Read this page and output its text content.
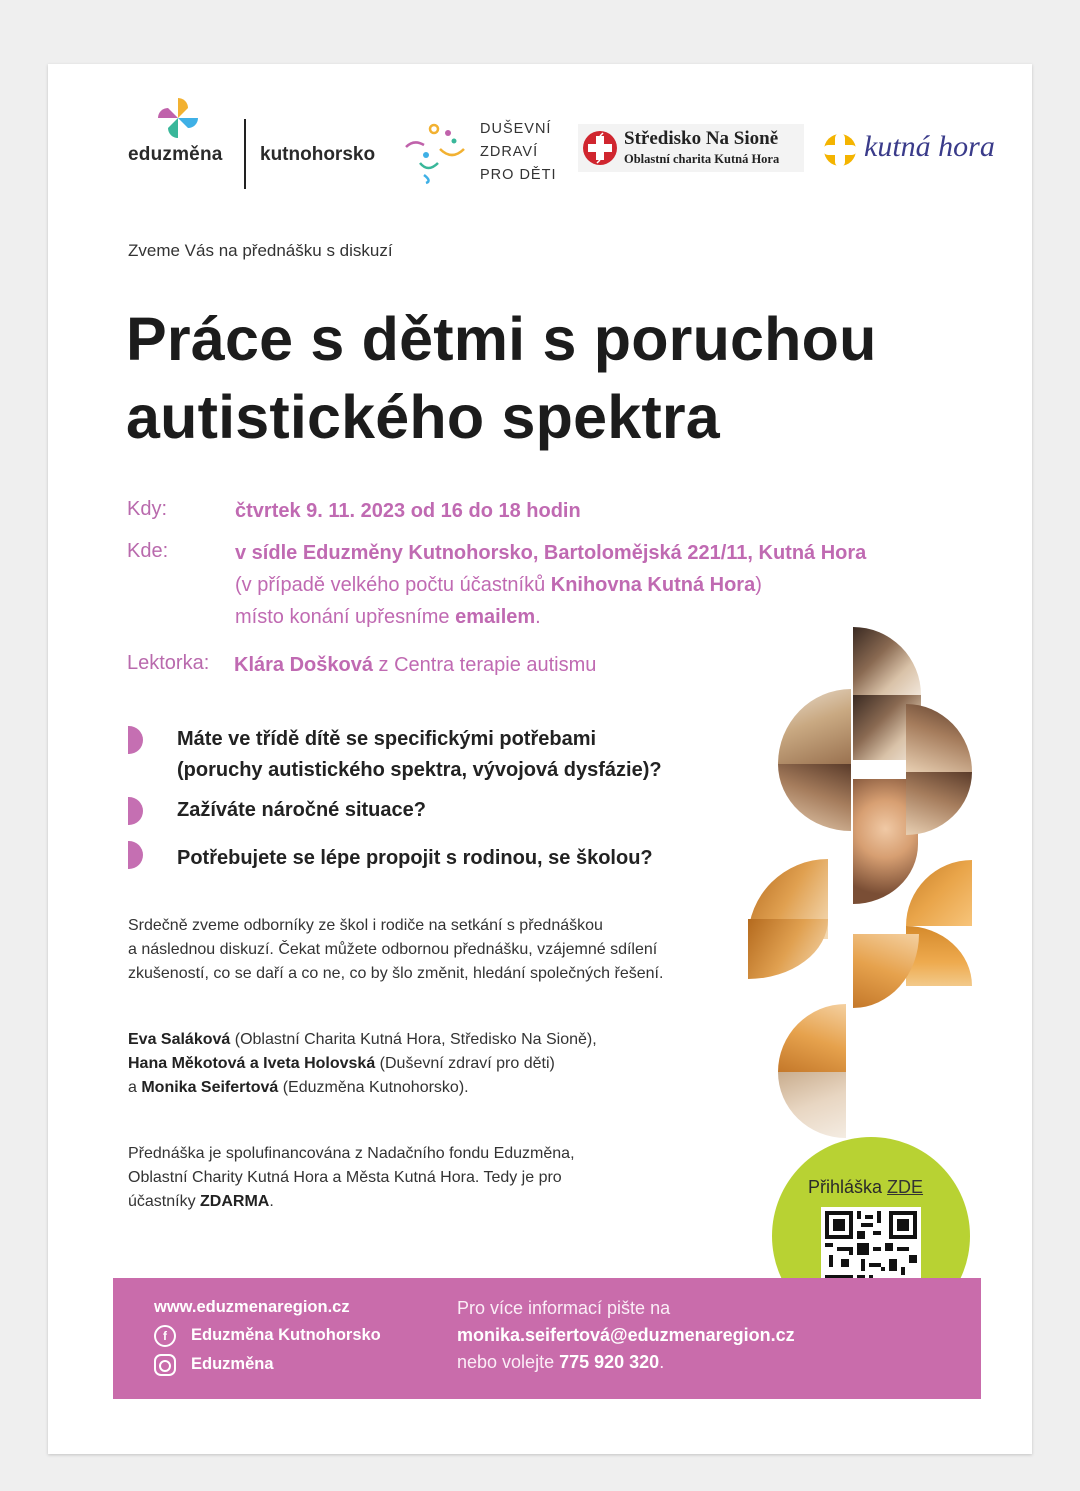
eduzměna kutnohorsko
DUŠEVNÍ
ZDRAVÍ
PRO DĚTI
Středisko Na Sioně
Oblastní charita Kutná Hora	kutná hora
Zveme Vás na přednášku s diskuzí
Práce s dětmi s poruchou
autistického spektra
Kdy:	čtvrtek 9. 11. 2023 od 16 do 18 hodin
Kde:	v sídle Eduzměny Kutnohorsko, Bartolomějská 221/11, Kutná Hora
(v případě velkého počtu účastníků Knihovna Kutná Hora)
místo konání upřesníme emailem.
Lektorka: Klára Došková z Centra terapie autismu
Máte ve třídě dítě se specifickými potřebami
(poruchy autistického spektra, vývojová dysfázie)?
Zažíváte náročné situace?
Potřebujete se lépe propojit s rodinou, se školou?
Srdečně zveme odborníky ze škol i rodiče na setkání s přednáškou
a následnou diskuzí. Čekat můžete odbornou přednášku, vzájemné sdílení
zkušeností, co se daří a co ne, co by šlo změnit, hledání společných řešení.
Eva Saláková (Oblastní Charita Kutná Hora, Středisko Na Sioně),
Hana Měkotová a Iveta Holovská (Duševní zdraví pro děti)
a Monika Seifertová (Eduzměna Kutnohorsko).
Přednáška je spolufinancována z Nadačního fondu Eduzměna,
Oblastní Charity Kutná Hora a Města Kutná Hora. Tedy je pro
účastníky ZDARMA.
Přihláška ZDE
www.eduzmenaregion.cz
f	Eduzměna Kutnohorsko
Eduzměna
Pro více informací pište na
monika.seifertová@eduzmenaregion.cz
nebo volejte 775 920 320.
